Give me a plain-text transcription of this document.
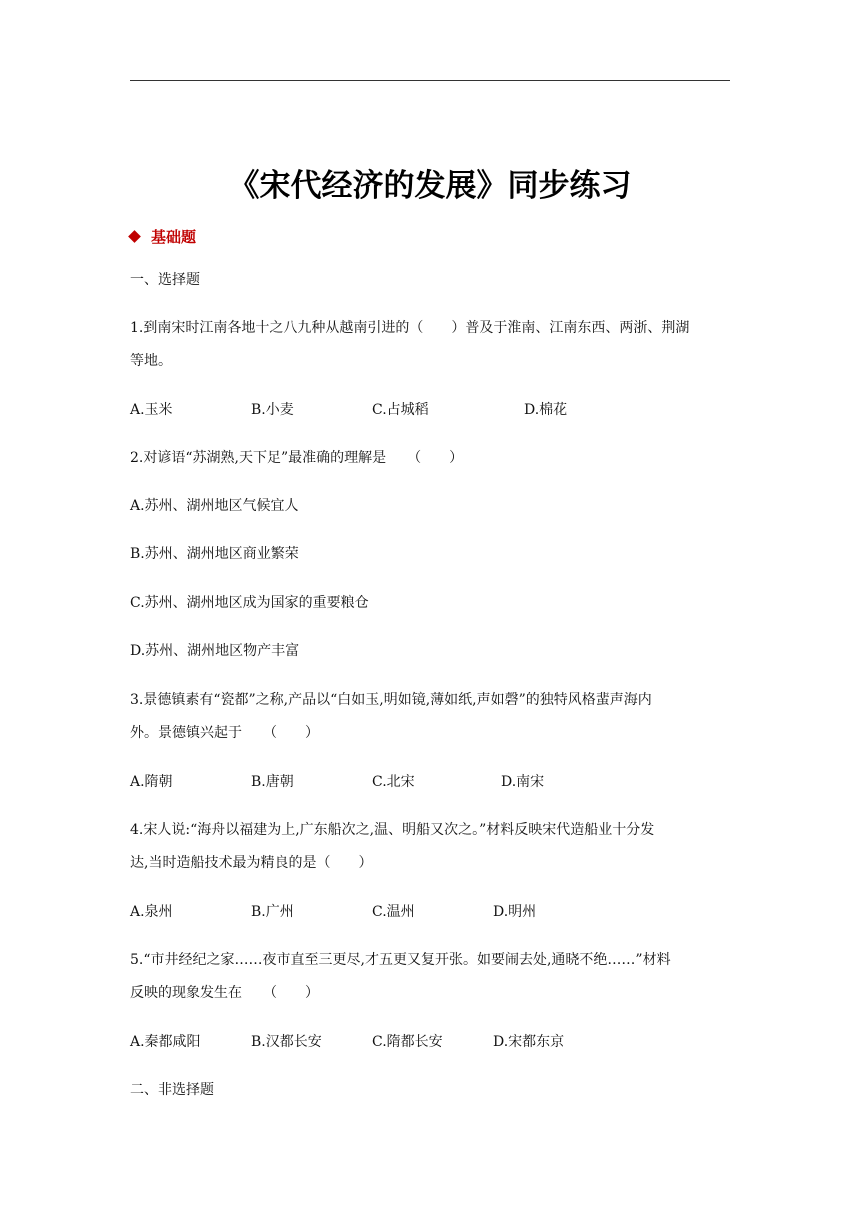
《宋代经济的发展》同步练习
基础题
一、选择题
1.到南宋时江南各地十之八九种从越南引进的（　　）普及于淮南、江南东西、两浙、荆湖
等地。
A.玉米	B.小麦	C.占城稻	D.棉花
2.对谚语“苏湖熟,天下足”最准确的理解是　　（　　）
A.苏州、湖州地区气候宜人
B.苏州、湖州地区商业繁荣
C.苏州、湖州地区成为国家的重要粮仓
D.苏州、湖州地区物产丰富
3.景德镇素有“瓷都”之称,产品以“白如玉,明如镜,薄如纸,声如磬”的独特风格蜚声海内
外。景德镇兴起于　　（　　）
A.隋朝	B.唐朝	C.北宋	D.南宋
4.宋人说:“海舟以福建为上,广东船次之,温、明船又次之。”材料反映宋代造船业十分发
达,当时造船技术最为精良的是（　　）
A.泉州	B.广州	C.温州	D.明州
5.“市井经纪之家……夜市直至三更尽,才五更又复开张。如要闹去处,通晓不绝……”材料
反映的现象发生在　　（　　）
A.秦都咸阳	B.汉都长安	C.隋都长安	D.宋都东京
二、非选择题
